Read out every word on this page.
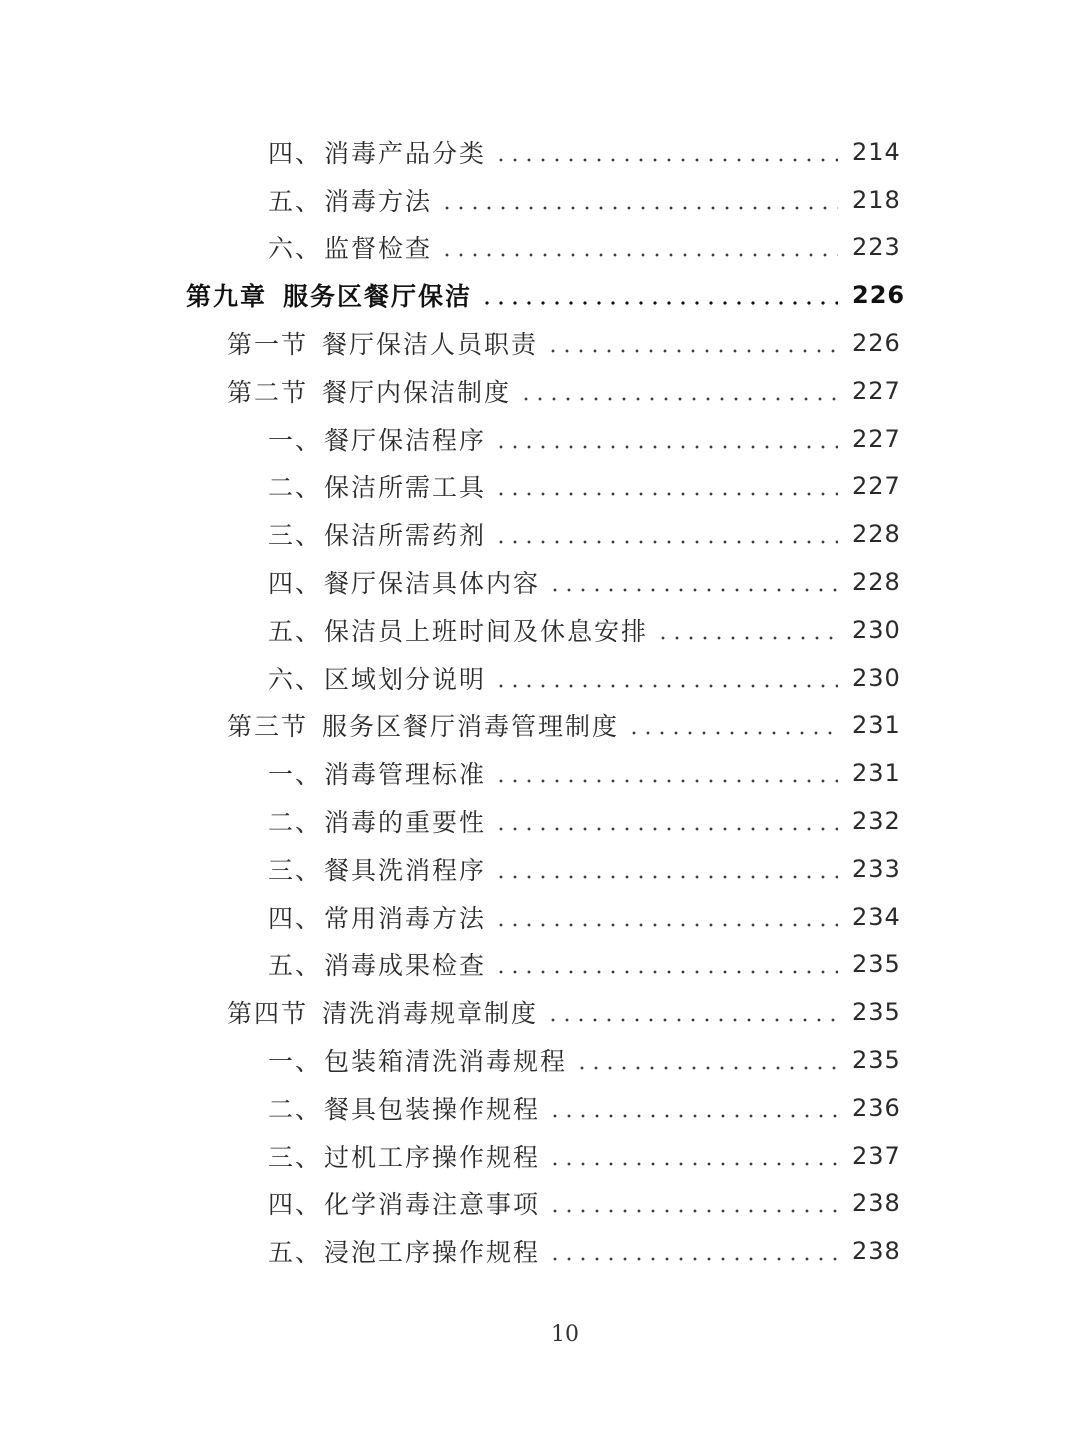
四、 消毒产品分类	214
五、 消毒方法	218
六、 监督检查	223
第九章 服务区餐厅保洁	226
第一节 餐厅保洁人员职责	226
第二节 餐厅内保洁制度	227
一、 餐厅保洁程序	227
二、 保洁所需工具	227
三、 保洁所需药剂	228
四、 餐厅保洁具体内容	228
五、 保洁员上班时间及休息安排	230
六、 区域划分说明	230
第三节 服务区餐厅消毒管理制度	231
一、 消毒管理标准	231
二、 消毒的重要性	232
三、 餐具洗消程序	233
四、 常用消毒方法	234
五、 消毒成果检查	235
第四节 清洗消毒规章制度	235
一、 包装箱清洗消毒规程	235
二、 餐具包装操作规程	236
三、 过机工序操作规程	237
四、 化学消毒注意事项	238
五、 浸泡工序操作规程	238
10
